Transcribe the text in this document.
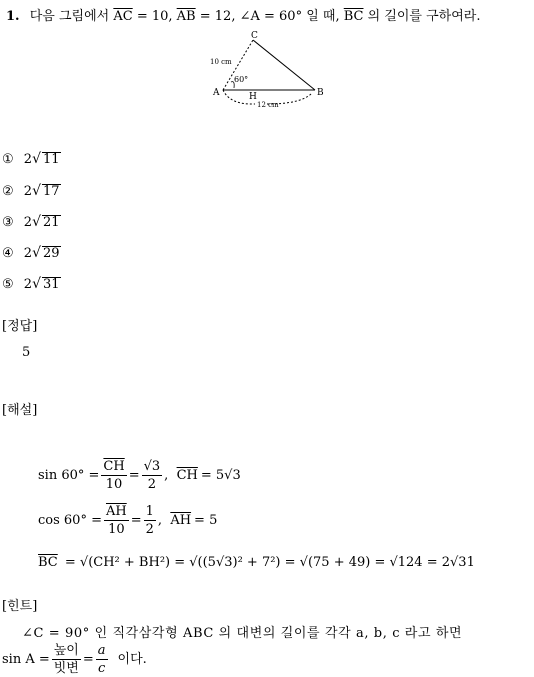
1. 다음 그림에서 $\overline{AC} = 10$, $\overline{AB} = 12$, ∠A = 60° 일 때, $\overline{BC}$ 의 길이를 구하여라.
C
A	B
H
10 cm
60°
12 cm
① 2√ 11
② 2√ 17
③ 2√ 21
④ 2√ 29
⑤ 2√ 31
[정답]
5
[해설]
$\sin 60^\circ = \frac{\overline{CH}}{10} = \frac{√3}{2}$ , $\overline{CH} = 5√3$
$\cos 60^\circ = \frac{\overline{AH}}{10} = \frac{1}{2}$ , $\overline{AH} = 5$
$\overline{BC} = √(CH^2 + BH^2) = √((5√3)^2 + 7^2) = √(75 + 49) = √124 = 2√31$
[힌트]
∠C = 90° 인 직각삼각형 ABC 의 대변의 길이를 각각 a, b, c 라고 하면
$\sin A = \frac{\text{높이}}{\text{빗변}} = \frac{a}{c}$ 이다.
